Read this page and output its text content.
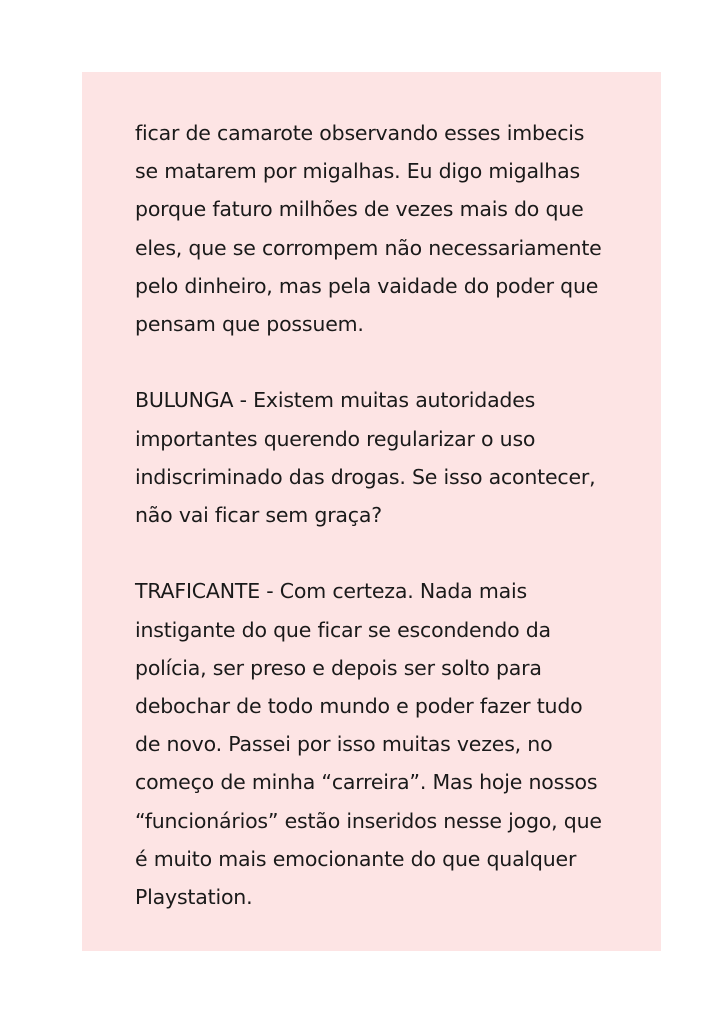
ficar de camarote observando esses imbecis
se matarem por migalhas. Eu digo migalhas
porque faturo milhões de vezes mais do que
eles, que se corrompem não necessariamente
pelo dinheiro, mas pela vaidade do poder que
pensam que possuem.

BULUNGA - Existem muitas autoridades
importantes querendo regularizar o uso
indiscriminado das drogas. Se isso acontecer,
não vai ficar sem graça?

TRAFICANTE - Com certeza. Nada mais
instigante do que ficar se escondendo da
polícia, ser preso e depois ser solto para
debochar de todo mundo e poder fazer tudo
de novo. Passei por isso muitas vezes, no
começo de minha “carreira”. Mas hoje nossos
“funcionários” estão inseridos nesse jogo, que
é muito mais emocionante do que qualquer
Playstation.
